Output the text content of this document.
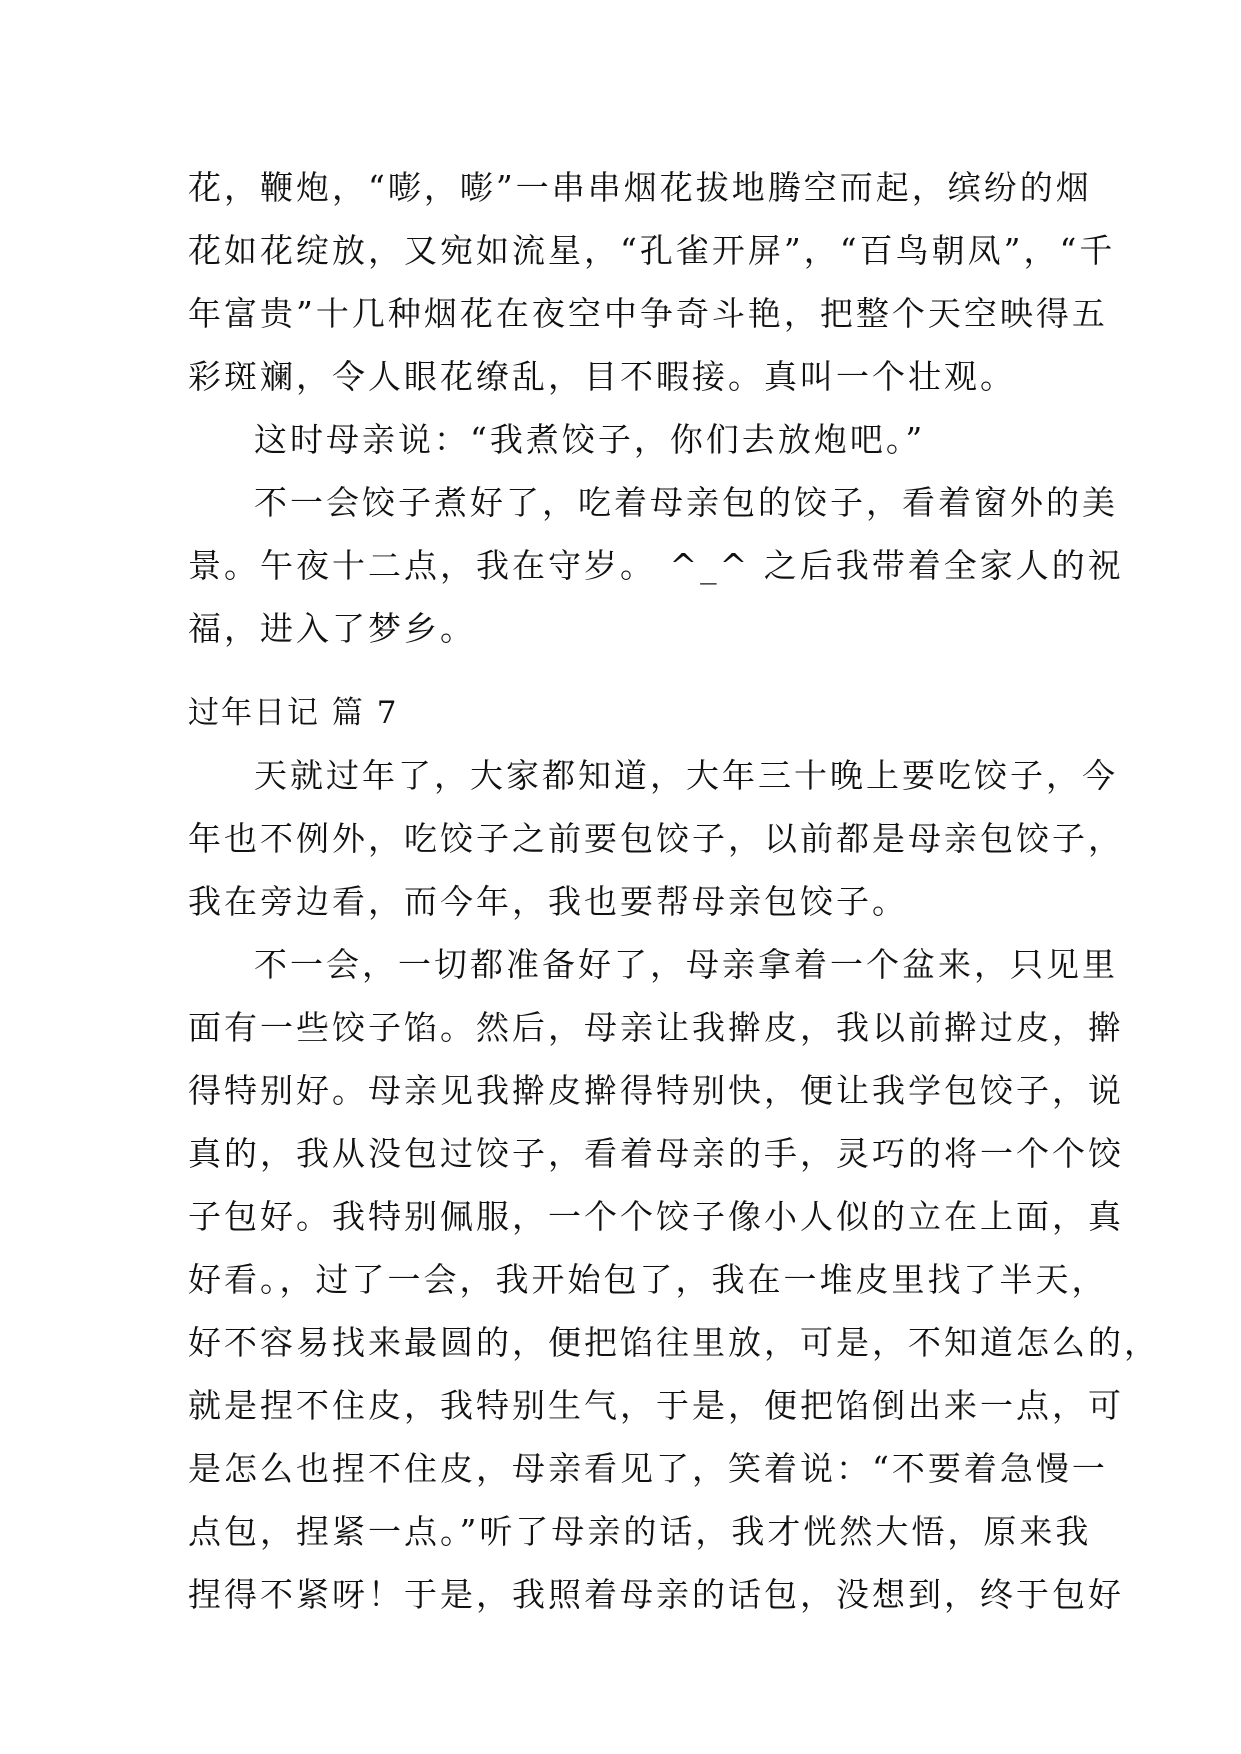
花，鞭炮，“嘭，嘭”一串串烟花拔地腾空而起，缤纷的烟
花如花绽放，又宛如流星，“孔雀开屏”，“百鸟朝凤”，“千
年富贵”十几种烟花在夜空中争奇斗艳，把整个天空映得五
彩斑斓，令人眼花缭乱，目不暇接。真叫一个壮观。
这时母亲说：“我煮饺子，你们去放炮吧。”
不一会饺子煮好了，吃着母亲包的饺子，看着窗外的美
景。午夜十二点，我在守岁。 ^_^ 之后我带着全家人的祝
福，进入了梦乡。
过年日记 篇 7
天就过年了，大家都知道，大年三十晚上要吃饺子，今
年也不例外，吃饺子之前要包饺子，以前都是母亲包饺子，
我在旁边看，而今年，我也要帮母亲包饺子。
不一会，一切都准备好了，母亲拿着一个盆来，只见里
面有一些饺子馅。然后，母亲让我擀皮，我以前擀过皮，擀
得特别好。母亲见我擀皮擀得特别快，便让我学包饺子，说
真的，我从没包过饺子，看着母亲的手，灵巧的将一个个饺
子包好。我特别佩服，一个个饺子像小人似的立在上面，真
好看。，过了一会，我开始包了，我在一堆皮里找了半天，
好不容易找来最圆的，便把馅往里放，可是，不知道怎么的，
就是捏不住皮，我特别生气，于是，便把馅倒出来一点，可
是怎么也捏不住皮，母亲看见了，笑着说：“不要着急慢一
点包，捏紧一点。”听了母亲的话，我才恍然大悟，原来我
捏得不紧呀！于是，我照着母亲的话包，没想到，终于包好
